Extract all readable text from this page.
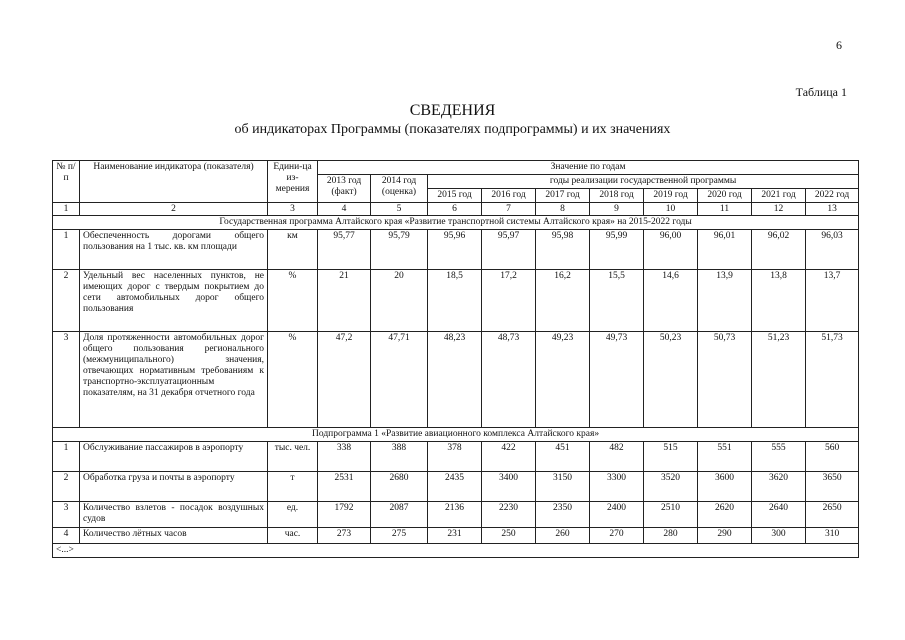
6
Таблица 1
СВЕДЕНИЯ
об индикаторах Программы (показателях подпрограммы) и их значениях
№ п/п	Наименование индикатора (показателя)	Едини-ца из-мерения	Значение по годам									
			2013 год (факт)	2014 год (оценка)	годы реализации государственной программы							
					2015 год	2016 год	2017 год	2018 год	2019 год	2020 год	2021 год	2022 год
1	2	3	4	5	6	7	8	9	10	11	12	13
Государственная программа Алтайского края «Развитие транспортной системы Алтайского края» на 2015-2022 годы												
1	Обеспеченность дорогами общего пользования на 1 тыс. кв. км площади	км	95,77	95,79	95,96	95,97	95,98	95,99	96,00	96,01	96,02	96,03
2	Удельный вес населенных пунктов, не имеющих дорог с твердым покрытием до сети автомобильных дорог общего пользования	%	21	20	18,5	17,2	16,2	15,5	14,6	13,9	13,8	13,7
3	Доля протяженности автомобильных дорог общего пользования регионального (межмуниципального) значения, отвечающих нормативным требованиям к транспортно-эксплуатационным показателям, на 31 декабря отчетного года	%	47,2	47,71	48,23	48,73	49,23	49,73	50,23	50,73	51,23	51,73
Подпрограмма 1 «Развитие авиационного комплекса Алтайского края»												
1	Обслуживание пассажиров в аэропорту	тыс. чел.	338	388	378	422	451	482	515	551	555	560
2	Обработка груза и почты в аэропорту	т	2531	2680	2435	3400	3150	3300	3520	3600	3620	3650
3	Количество взлетов - посадок воздушных судов	ед.	1792	2087	2136	2230	2350	2400	2510	2620	2640	2650
4	Количество лётных часов	час.	273	275	231	250	260	270	280	290	300	310
<...>												
